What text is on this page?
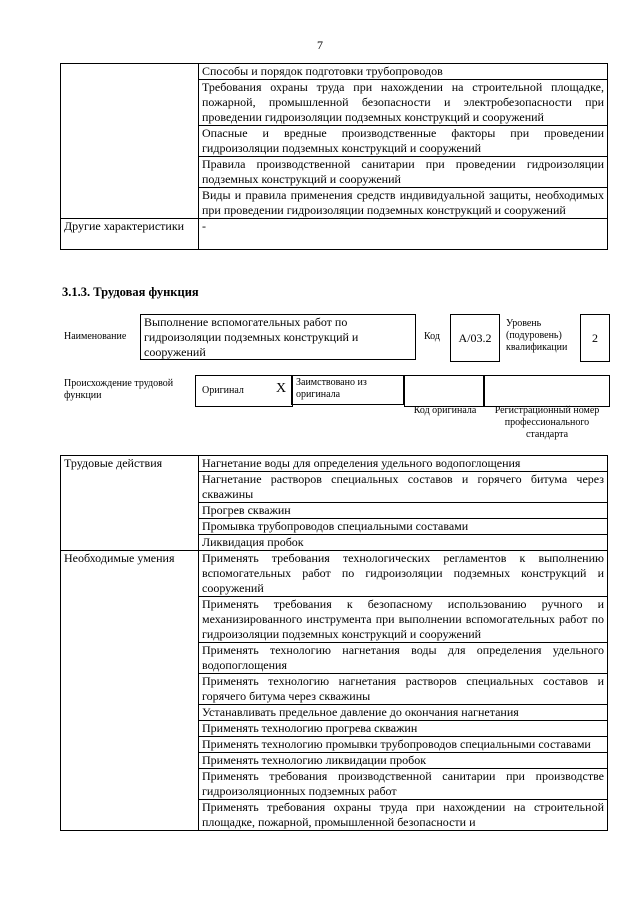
7
	Способы и порядок подготовки трубопроводов
	Требования охраны труда при нахождении на строительной площадке, пожарной, промышленной безопасности и электробезопасности при проведении гидроизоляции подземных конструкций и сооружений
	Опасные и вредные производственные факторы при проведении гидроизоляции подземных конструкций и сооружений
	Правила производственной санитарии при проведении гидроизоляции подземных конструкций и сооружений
	Виды и правила применения средств индивидуальной защиты, необходимых при проведении гидроизоляции подземных конструкций и сооружений
Другие характеристики	-
3.1.3. Трудовая функция
Наименование
Выполнение вспомогательных работ по гидроизоляции подземных конструкций и сооружений
Код	А/03.2
Уровень (подуровень) квалификации
2
Происхождение трудовой функции	Оригинал X Заимствовано из оригинала
Код оригинала	Регистрационный номер профессионального стандарта
Трудовые действия	Нагнетание воды для определения удельного водопоглощения
	Нагнетание растворов специальных составов и горячего битума через скважины
	Прогрев скважин
	Промывка трубопроводов специальными составами
	Ликвидация пробок
Необходимые умения	Применять требования технологических регламентов к выполнению вспомогательных работ по гидроизоляции подземных конструкций и сооружений
	Применять требования к безопасному использованию ручного и механизированного инструмента при выполнении вспомогательных работ по гидроизоляции подземных конструкций и сооружений
	Применять технологию нагнетания воды для определения удельного водопоглощения
	Применять технологию нагнетания растворов специальных составов и горячего битума через скважины
	Устанавливать предельное давление до окончания нагнетания
	Применять технологию прогрева скважин
	Применять технологию промывки трубопроводов специальными составами
	Применять технологию ликвидации пробок
	Применять требования производственной санитарии при производстве гидроизоляционных подземных работ
	Применять требования охраны труда при нахождении на строительной площадке, пожарной, промышленной безопасности и
